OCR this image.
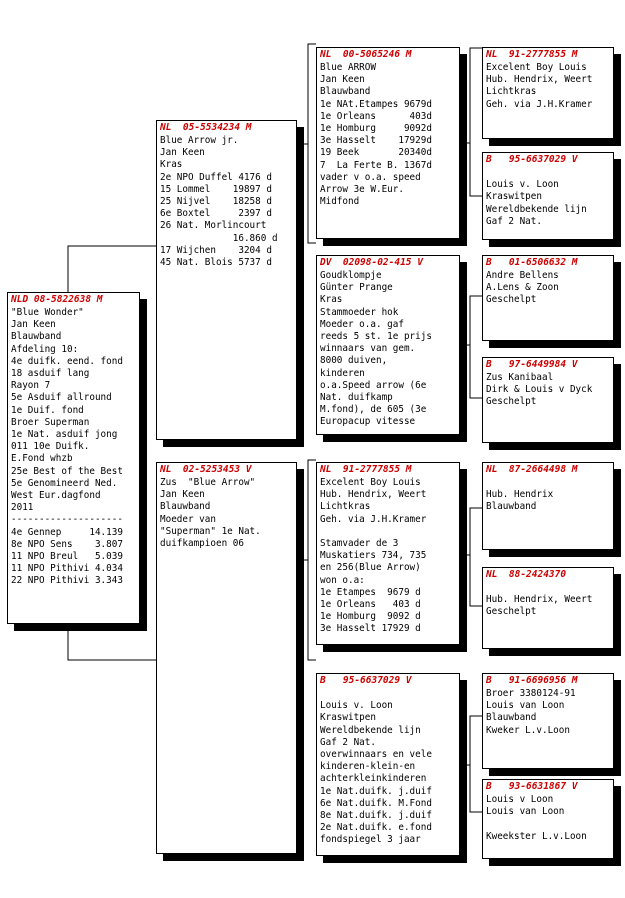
NLD 08-5822638 M
"Blue Wonder"
Jan Keen
Blauwband
Afdeling 10:
4e duifk. eend. fond
18 asduif lang
Rayon 7
5e Asduif allround
1e Duif. fond
Broer Superman
1e Nat. asduif jong
011 10e Duifk.
E.Fond whzb
25e Best of the Best
5e Genomineerd Ned.
West Eur.dagfond
2011
--------------------
4e Gennep     14.139
8e NPO Sens    3.807
11 NPO Breul   5.039
11 NPO Pithivi 4.034
22 NPO Pithivi 3.343
NL  05-5534234 M
Blue Arrow jr.
Jan Keen
Kras
2e NPO Duffel 4176 d
15 Lommel    19897 d
25 Nijvel    18258 d
6e Boxtel     2397 d
26 Nat. Morlincourt
16.860 d
17 Wijchen    3204 d
45 Nat. Blois 5737 d
NL  02-5253453 V
Zus  "Blue Arrow"
Jan Keen
Blauwband
Moeder van
"Superman" 1e Nat.
duifkampioen 06
NL  00-5065246 M
Blue ARROW
Jan Keen
Blauwband
1e NAt.Etampes 9679d
1e Orleans      403d
1e Homburg     9092d
3e Hasselt    17929d
19 Beek       20340d
7  La Ferte B. 1367d
vader v o.a. speed
Arrow 3e W.Eur.
Midfond
DV  02098-02-415 V
Goudklompje
Günter Prange
Kras
Stammoeder hok
Moeder o.a. gaf
reeds 5 st. 1e prijs
winnaars van gem.
8000 duiven,
kinderen
o.a.Speed arrow (6e
Nat. duifkamp
M.fond), de 605 (3e
Europacup vitesse
NL  91-2777855 M
Excelent Boy Louis
Hub. Hendrix, Weert
Lichtkras
Geh. via J.H.Kramer

Stamvader de 3
Muskatiers 734, 735
en 256(Blue Arrow)
won o.a:
1e Etampes  9679 d
1e Orleans   403 d
1e Homburg  9092 d
3e Hasselt 17929 d
B   95-6637029 V

Louis v. Loon
Kraswitpen
Wereldbekende lijn
Gaf 2 Nat.
overwinnaars en vele
kinderen-klein-en
achterkleinkinderen
1e Nat.duifk. j.duif
6e Nat.duifk. M.Fond
8e Nat.duifk. j.duif
2e Nat.duifk. e.fond
fondspiegel 3 jaar
NL  91-2777855 M
Excelent Boy Louis
Hub. Hendrix, Weert
Lichtkras
Geh. via J.H.Kramer
B   95-6637029 V

Louis v. Loon
Kraswitpen
Wereldbekende lijn
Gaf 2 Nat.
B   01-6506632 M
Andre Bellens
A.Lens & Zoon
Geschelpt
B   97-6449984 V
Zus Kanibaal
Dirk & Louis v Dyck
Geschelpt
NL  87-2664498 M

Hub. Hendrix
Blauwband
NL  88-2424370

Hub. Hendrix, Weert
Geschelpt
B   91-6696956 M
Broer 3380124-91
Louis van Loon
Blauwband
Kweker L.v.Loon
B   93-6631867 V
Louis v Loon
Louis van Loon

Kweekster L.v.Loon
